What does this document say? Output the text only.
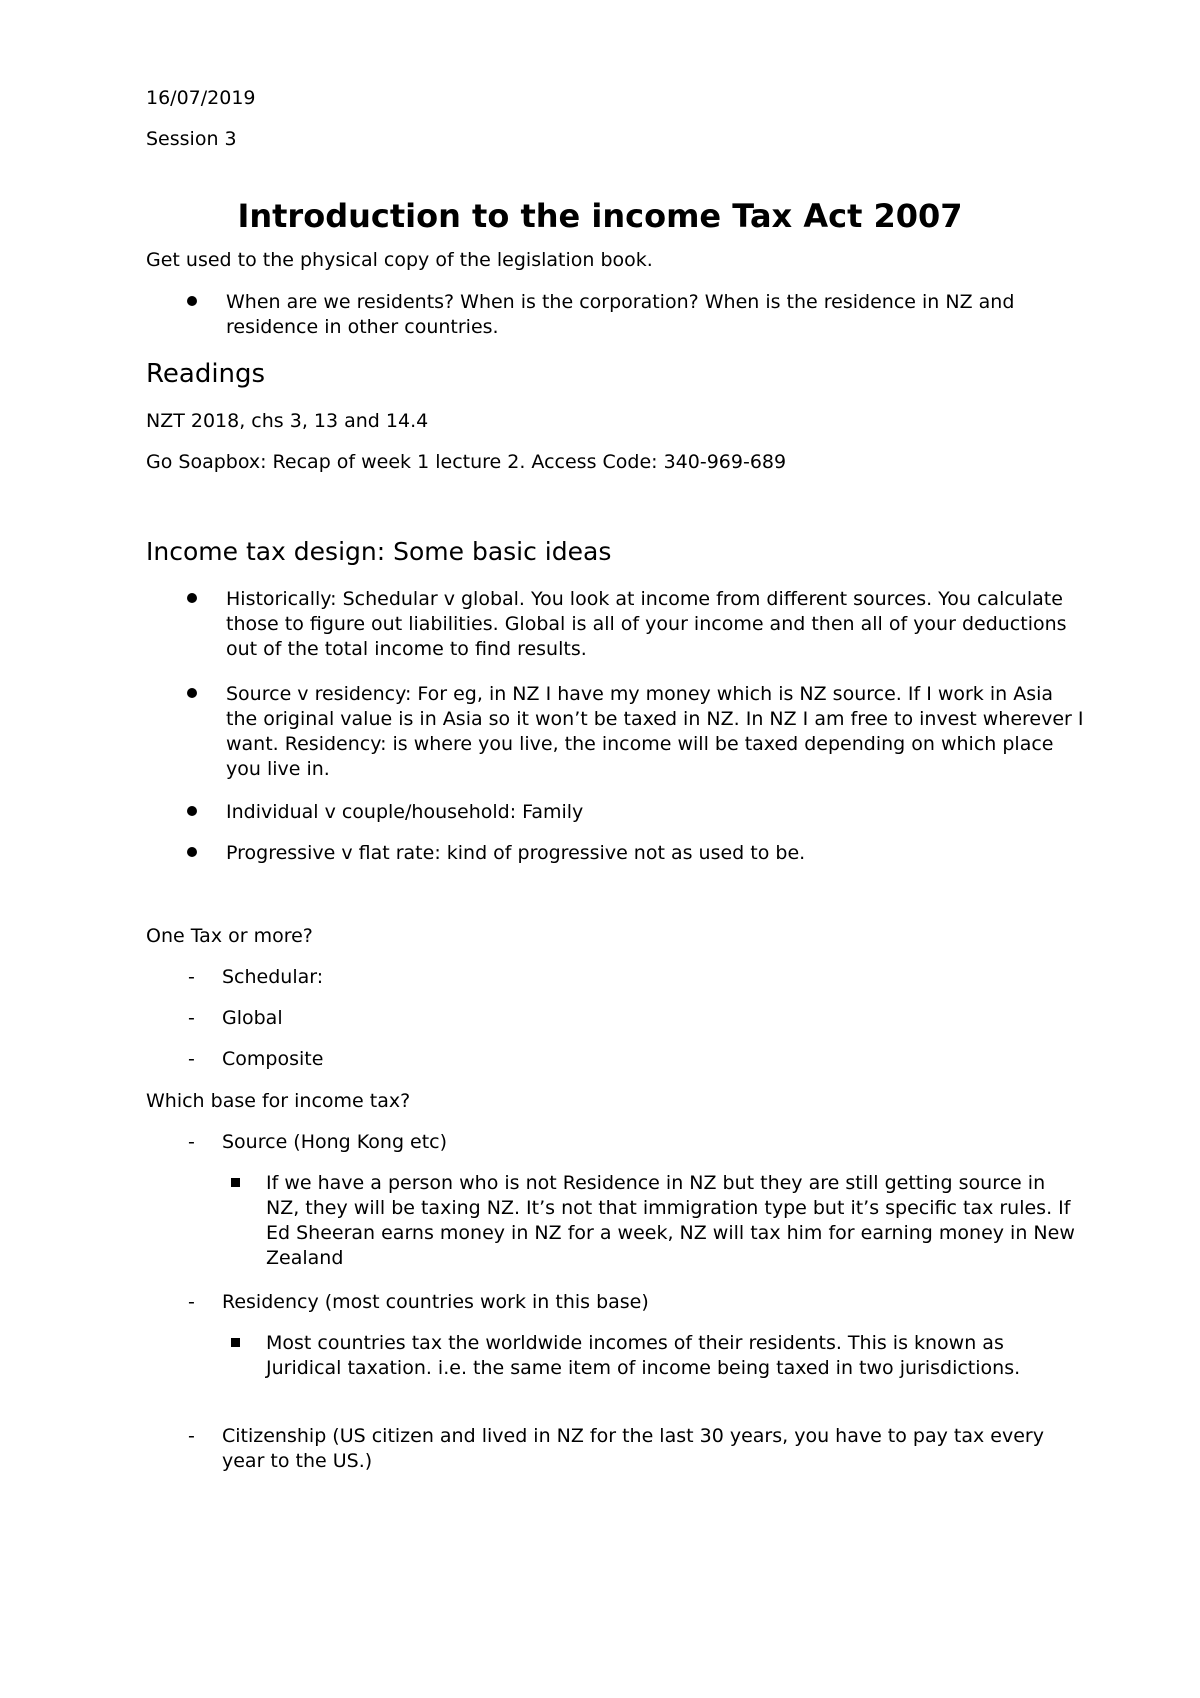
16/07/2019

Session 3

Introduction to the income Tax Act 2007

Get used to the physical copy of the legislation book.

When are we residents? When is the corporation? When is the residence in NZ and residence in other countries.

Readings

NZT 2018, chs 3, 13 and 14.4

Go Soapbox: Recap of week 1 lecture 2. Access Code: 340-969-689

Income tax design: Some basic ideas

Historically: Schedular v global. You look at income from different sources. You calculate those to figure out liabilities. Global is all of your income and then all of your deductions out of the total income to find results.

Source v residency: For eg, in NZ I have my money which is NZ source. If I work in Asia the original value is in Asia so it won’t be taxed in NZ. In NZ I am free to invest wherever I want. Residency: is where you live, the income will be taxed depending on which place you live in.

Individual v couple/household: Family

Progressive v flat rate: kind of progressive not as used to be.

One Tax or more?

- Schedular:

- Global

- Composite

Which base for income tax?

- Source (Hong Kong etc)

If we have a person who is not Residence in NZ but they are still getting source in NZ, they will be taxing NZ. It’s not that immigration type but it’s specific tax rules. If Ed Sheeran earns money in NZ for a week, NZ will tax him for earning money in New Zealand

- Residency (most countries work in this base)

Most countries tax the worldwide incomes of their residents. This is known as Juridical taxation. i.e. the same item of income being taxed in two jurisdictions.

- Citizenship (US citizen and lived in NZ for the last 30 years, you have to pay tax every year to the US.)
